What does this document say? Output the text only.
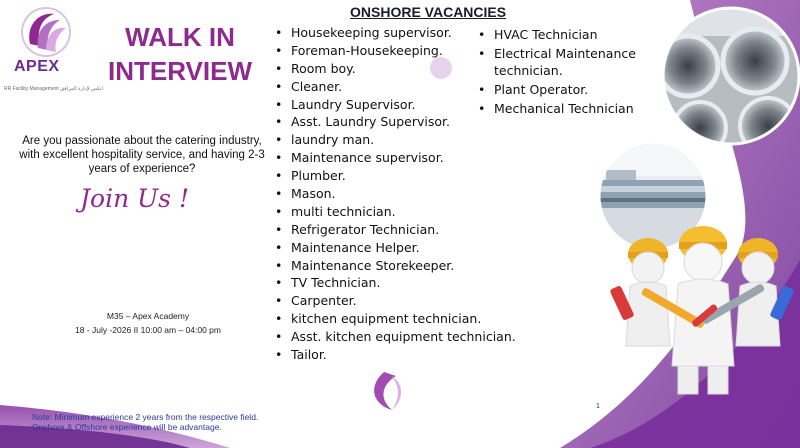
APEX
RR Facility Management ابكس لإدارة المرافق
WALK IN
INTERVIEW
Are you passionate about the catering industry, with excellent hospitality service, and having 2-3 years of experience?
Join Us !
M35 – Apex Academy
18 - July -2026 II 10:00 am – 04:00 pm
Note: Minimum experience 2 years from the respective field. Onshore & Offshore experience will be advantage.
ONSHORE VACANCIES
• Housekeeping supervisor.
• Foreman-Housekeeping.
• Room boy.
• Cleaner.
• Laundry Supervisor.
• Asst. Laundry Supervisor.
• laundry man.
• Maintenance supervisor.
• Plumber.
• Mason.
• multi technician.
• Refrigerator Technician.
• Maintenance Helper.
• Maintenance Storekeeper.
• TV Technician.
• Carpenter.
• kitchen equipment technician.
• Asst. kitchen equipment technician.
• Tailor.
• HVAC Technician
• Electrical Maintenance technician.
• Plant Operator.
• Mechanical Technician
1
